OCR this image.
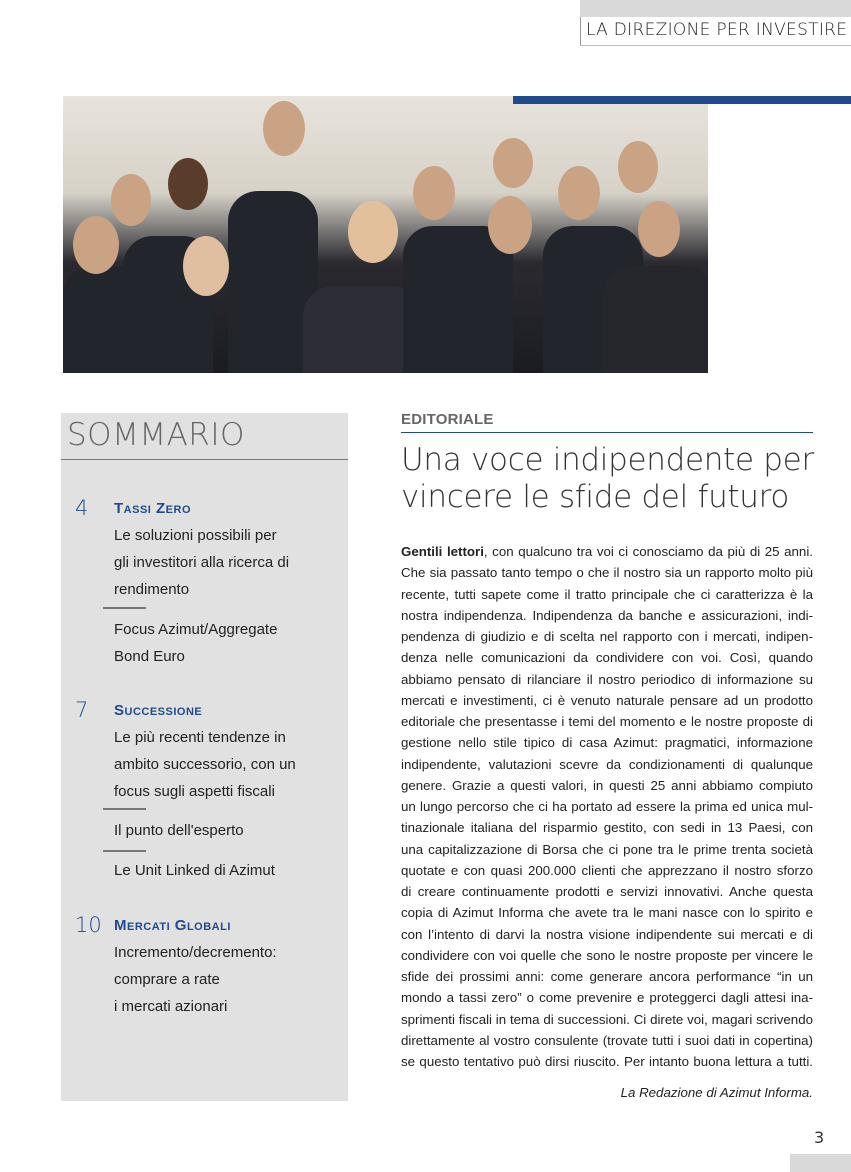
LA DIREZIONE PER INVESTIRE
SOMMARIO
4 Tassi Zero
Le soluzioni possibili per
gli investitori alla ricerca di
rendimento
Focus Azimut/Aggregate
Bond Euro
7 Successione
Le più recenti tendenze in
ambito successorio, con un
focus sugli aspetti fiscali
Il punto dell'esperto
Le Unit Linked di Azimut
10 Mercati Globali
Incremento/decremento:
comprare a rate
i mercati azionari
EDITORIALE
Una voce indipendente per
vincere le sfide del futuro
Gentili lettori, con qualcuno tra voi ci conosciamo da più di 25 anni.
Che sia passato tanto tempo o che il nostro sia un rapporto molto più
recente, tutti sapete come il tratto principale che ci caratterizza è la
nostra indipendenza. Indipendenza da banche e assicurazioni, indi-
pendenza di giudizio e di scelta nel rapporto con i mercati, indipen-
denza nelle comunicazioni da condividere con voi. Così, quando
abbiamo pensato di rilanciare il nostro periodico di informazione su
mercati e investimenti, ci è venuto naturale pensare ad un prodotto
editoriale che presentasse i temi del momento e le nostre proposte di
gestione nello stile tipico di casa Azimut: pragmatici, informazione
indipendente, valutazioni scevre da condizionamenti di qualunque
genere. Grazie a questi valori, in questi 25 anni abbiamo compiuto
un lungo percorso che ci ha portato ad essere la prima ed unica mul-
tinazionale italiana del risparmio gestito, con sedi in 13 Paesi, con
una capitalizzazione di Borsa che ci pone tra le prime trenta società
quotate e con quasi 200.000 clienti che apprezzano il nostro sforzo
di creare continuamente prodotti e servizi innovativi. Anche questa
copia di Azimut Informa che avete tra le mani nasce con lo spirito e
con l’intento di darvi la nostra visione indipendente sui mercati e di
condividere con voi quelle che sono le nostre proposte per vincere le
sfide dei prossimi anni: come generare ancora performance “in un
mondo a tassi zero” o come prevenire e proteggerci dagli attesi ina-
sprimenti fiscali in tema di successioni. Ci direte voi, magari scrivendo
direttamente al vostro consulente (trovate tutti i suoi dati in copertina)
se questo tentativo può dirsi riuscito. Per intanto buona lettura a tutti.
La Redazione di Azimut Informa.
3
